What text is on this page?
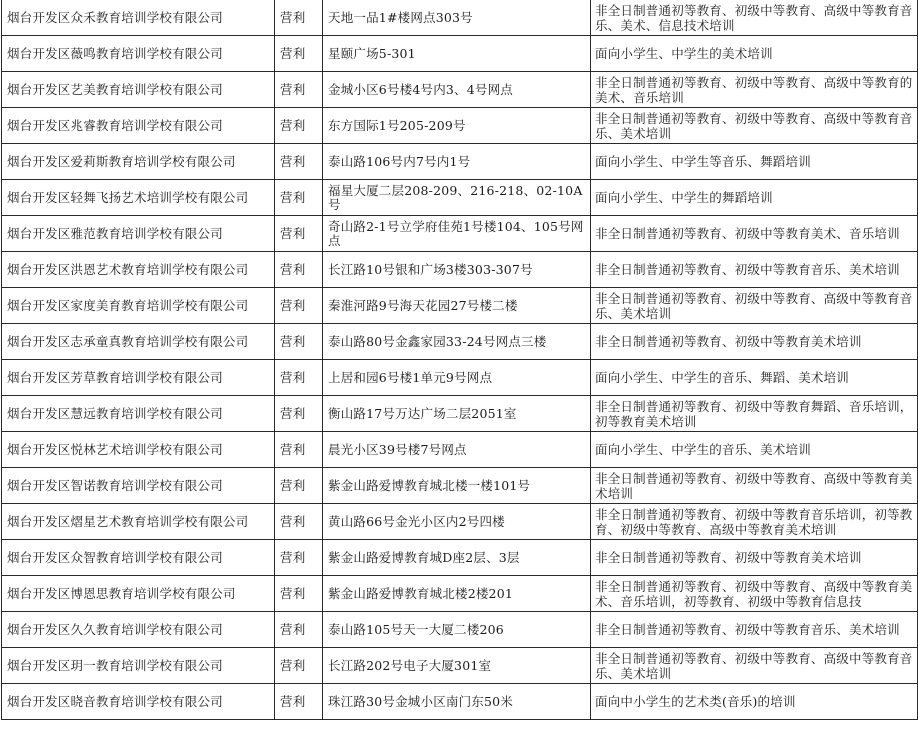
烟台开发区众禾教育培训学校有限公司	营利	天地一品1#楼网点303号	非全日制普通初等教育、初级中等教育、高级中等教育音乐、美术、信息技术培训
烟台开发区薇鸣教育培训学校有限公司	营利	星颐广场5-301	面向小学生、中学生的美术培训
烟台开发区艺美教育培训学校有限公司	营利	金城小区6号楼4号内3、4号网点	非全日制普通初等教育、初级中等教育、高级中等教育的美术、音乐培训
烟台开发区兆睿教育培训学校有限公司	营利	东方国际1号205-209号	非全日制普通初等教育、初级中等教育、高级中等教育音乐、美术培训
烟台开发区爱莉斯教育培训学校有限公司	营利	泰山路106号内7号内1号	面向小学生、中学生等音乐、舞蹈培训
烟台开发区轻舞飞扬艺术培训学校有限公司	营利	福星大厦二层208-209、216-218、02-10A号	面向小学生、中学生的舞蹈培训
烟台开发区雅范教育培训学校有限公司	营利	奇山路2-1号立学府佳苑1号楼104、105号网点	非全日制普通初等教育、初级中等教育美术、音乐培训
烟台开发区洪恩艺术教育培训学校有限公司	营利	长江路10号银和广场3楼303-307号	非全日制普通初等教育、初级中等教育音乐、美术培训
烟台开发区家度美育教育培训学校有限公司	营利	秦淮河路9号海天花园27号楼二楼	非全日制普通初等教育、初级中等教育、高级中等教育音乐、美术培训
烟台开发区志承童真教育培训学校有限公司	营利	泰山路80号金鑫家园33-24号网点三楼	非全日制普通初等教育、初级中等教育美术培训
烟台开发区芳草教育培训学校有限公司	营利	上居和园6号楼1单元9号网点	面向小学生、中学生的音乐、舞蹈、美术培训
烟台开发区慧远教育培训学校有限公司	营利	衡山路17号万达广场二层2051室	非全日制普通初等教育、初级中等教育舞蹈、音乐培训，初等教育美术培训
烟台开发区悦林艺术培训学校有限公司	营利	晨光小区39号楼7号网点	面向小学生、中学生的音乐、美术培训
烟台开发区智诺教育培训学校有限公司	营利	紫金山路爱博教育城北楼一楼101号	非全日制普通初等教育、初级中等教育、高级中等教育美术培训
烟台开发区熠星艺术教育培训学校有限公司	营利	黄山路66号金光小区内2号四楼	非全日制普通初等教育、初级中等教育音乐培训，初等教育、初级中等教育、高级中等教育美术培训
烟台开发区众智教育培训学校有限公司	营利	紫金山路爱博教育城D座2层、3层	非全日制普通初等教育、初级中等教育美术培训
烟台开发区博恩思教育培训学校有限公司	营利	紫金山路爱博教育城北楼2楼201	非全日制普通初等教育、初级中等教育、高级中等教育美术、音乐培训，初等教育、初级中等教育信息技
烟台开发区久久教育培训学校有限公司	营利	泰山路105号天一大厦二楼206	非全日制普通初等教育、初级中等教育音乐、美术培训
烟台开发区玥一教育培训学校有限公司	营利	长江路202号电子大厦301室	非全日制普通初等教育、初级中等教育、高级中等教育音乐、美术培训
烟台开发区晓音教育培训学校有限公司	营利	珠江路30号金城小区南门东50米	面向中小学生的艺术类(音乐)的培训
